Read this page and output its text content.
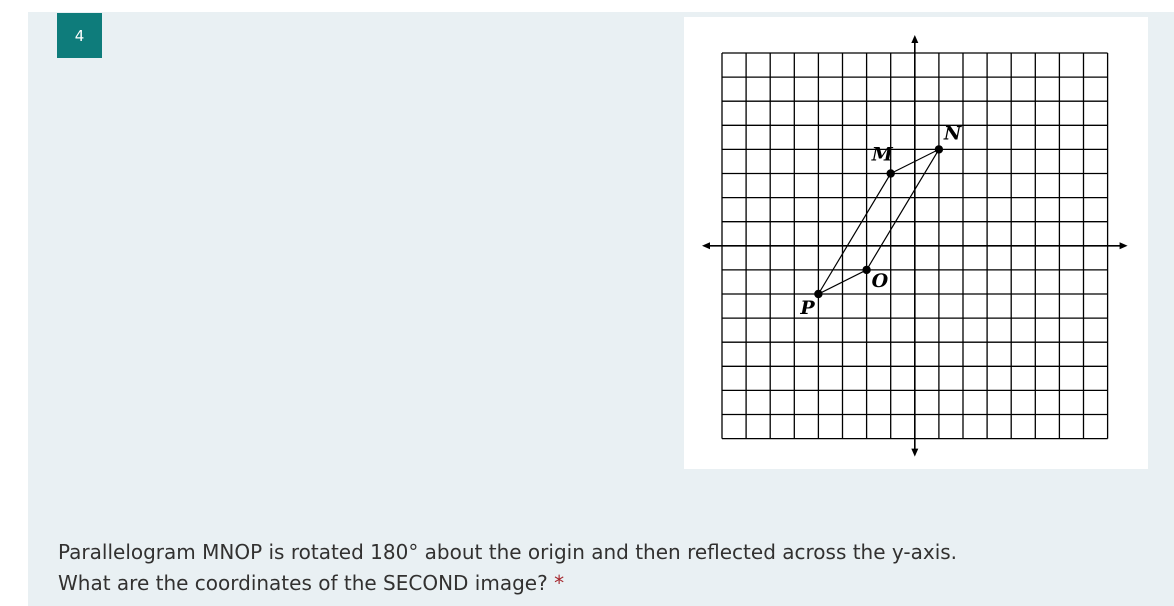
4
M
N
O
P
Parallelogram MNOP is rotated 180° about the origin and then reflected across the y-axis.
What are the coordinates of the SECOND image? *
